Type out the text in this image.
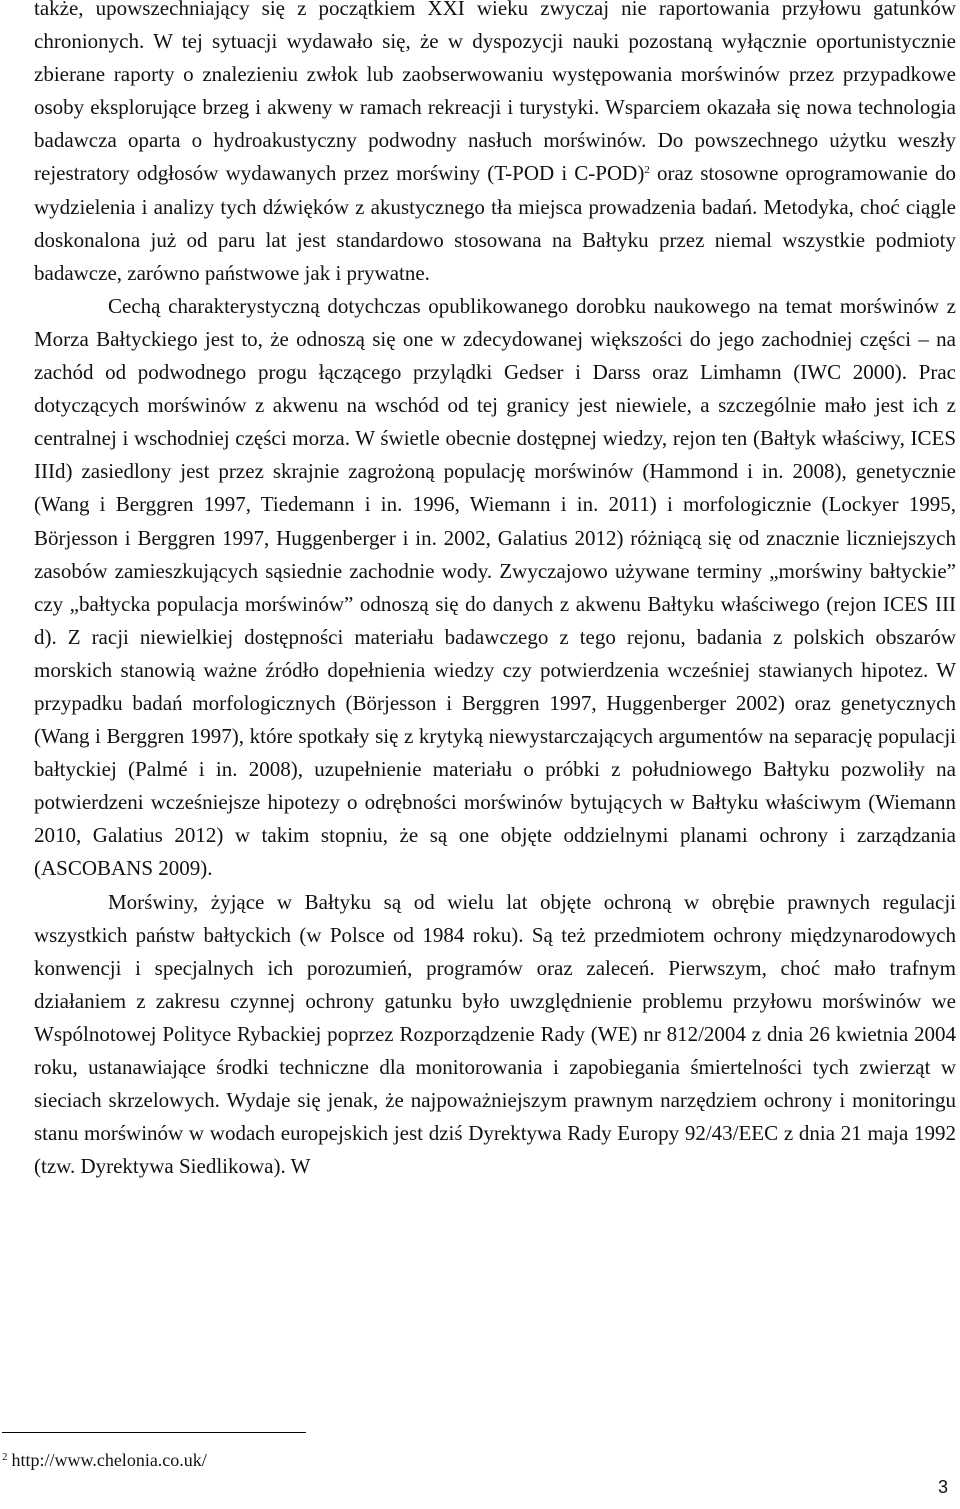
także, upowszechniający się z początkiem XXI wieku zwyczaj nie raportowania przyłowu gatunków chronionych. W tej sytuacji wydawało się, że w dyspozycji nauki pozostaną wyłącznie oportunistycznie zbierane raporty o znalezieniu zwłok lub zaobserwowaniu występowania morświnów przez przypadkowe osoby eksplorujące brzeg i akweny w ramach rekreacji i turystyki. Wsparciem okazała się nowa technologia badawcza oparta o hydroakustyczny podwodny nasłuch morświnów. Do powszechnego użytku weszły rejestratory odgłosów wydawanych przez morświny (T-POD i C-POD)$^2$ oraz stosowne oprogramowanie do wydzielenia i analizy tych dźwięków z akustycznego tła miejsca prowadzenia badań. Metodyka, choć ciągle doskonalona już od paru lat jest standardowo stosowana na Bałtyku przez niemal wszystkie podmioty badawcze, zarówno państwowe jak i prywatne.

Cechą charakterystyczną dotychczas opublikowanego dorobku naukowego na temat morświnów z Morza Bałtyckiego jest to, że odnoszą się one w zdecydowanej większości do jego zachodniej części – na zachód od podwodnego progu łączącego przylądki Gedser i Darss oraz Limhamn (IWC 2000). Prac dotyczących morświnów z akwenu na wschód od tej granicy jest niewiele, a szczególnie mało jest ich z centralnej i wschodniej części morza. W świetle obecnie dostępnej wiedzy, rejon ten (Bałtyk właściwy, ICES IIId) zasiedlony jest przez skrajnie zagrożoną populację morświnów (Hammond i in. 2008), genetycznie (Wang i Berggren 1997, Tiedemann i in. 1996, Wiemann i in. 2011) i morfologicznie (Lockyer 1995, Börjesson i Berggren 1997, Huggenberger i in. 2002, Galatius 2012) różniącą się od znacznie liczniejszych zasobów zamieszkujących sąsiednie zachodnie wody. Zwyczajowo używane terminy „morświny bałtyckie” czy „bałtycka populacja morświnów” odnoszą się do danych z akwenu Bałtyku właściwego (rejon ICES III d). Z racji niewielkiej dostępności materiału badawczego z tego rejonu, badania z polskich obszarów morskich stanowią ważne źródło dopełnienia wiedzy czy potwierdzenia wcześniej stawianych hipotez. W przypadku badań morfologicznych (Börjesson i Berggren 1997, Huggenberger 2002) oraz genetycznych (Wang i Berggren 1997), które spotkały się z krytyką niewystarczających argumentów na separację populacji bałtyckiej (Palmé i in. 2008), uzupełnienie materiału o próbki z południowego Bałtyku pozwoliły na potwierdzeni wcześniejsze hipotezy o odrębności morświnów bytujących w Bałtyku właściwym (Wiemann 2010, Galatius 2012) w takim stopniu, że są one objęte oddzielnymi planami ochrony i zarządzania (ASCOBANS 2009).

Morświny, żyjące w Bałtyku są od wielu lat objęte ochroną w obrębie prawnych regulacji wszystkich państw bałtyckich (w Polsce od 1984 roku). Są też przedmiotem ochrony międzynarodowych konwencji i specjalnych ich porozumień, programów oraz zaleceń. Pierwszym, choć mało trafnym działaniem z zakresu czynnej ochrony gatunku było uwzględnienie problemu przyłowu morświnów we Wspólnotowej Polityce Rybackiej poprzez Rozporządzenie Rady (WE) nr 812/2004 z dnia 26 kwietnia 2004 roku, ustanawiające środki techniczne dla monitorowania i zapobiegania śmiertelności tych zwierząt w sieciach skrzelowych. Wydaje się jenak, że najpoważniejszym prawnym narzędziem ochrony i monitoringu stanu morświnów w wodach europejskich jest dziś Dyrektywa Rady Europy 92/43/EEC z dnia 21 maja 1992 (tzw. Dyrektywa Siedlikowa). W

$^2$ http://www.chelonia.co.uk/
3
